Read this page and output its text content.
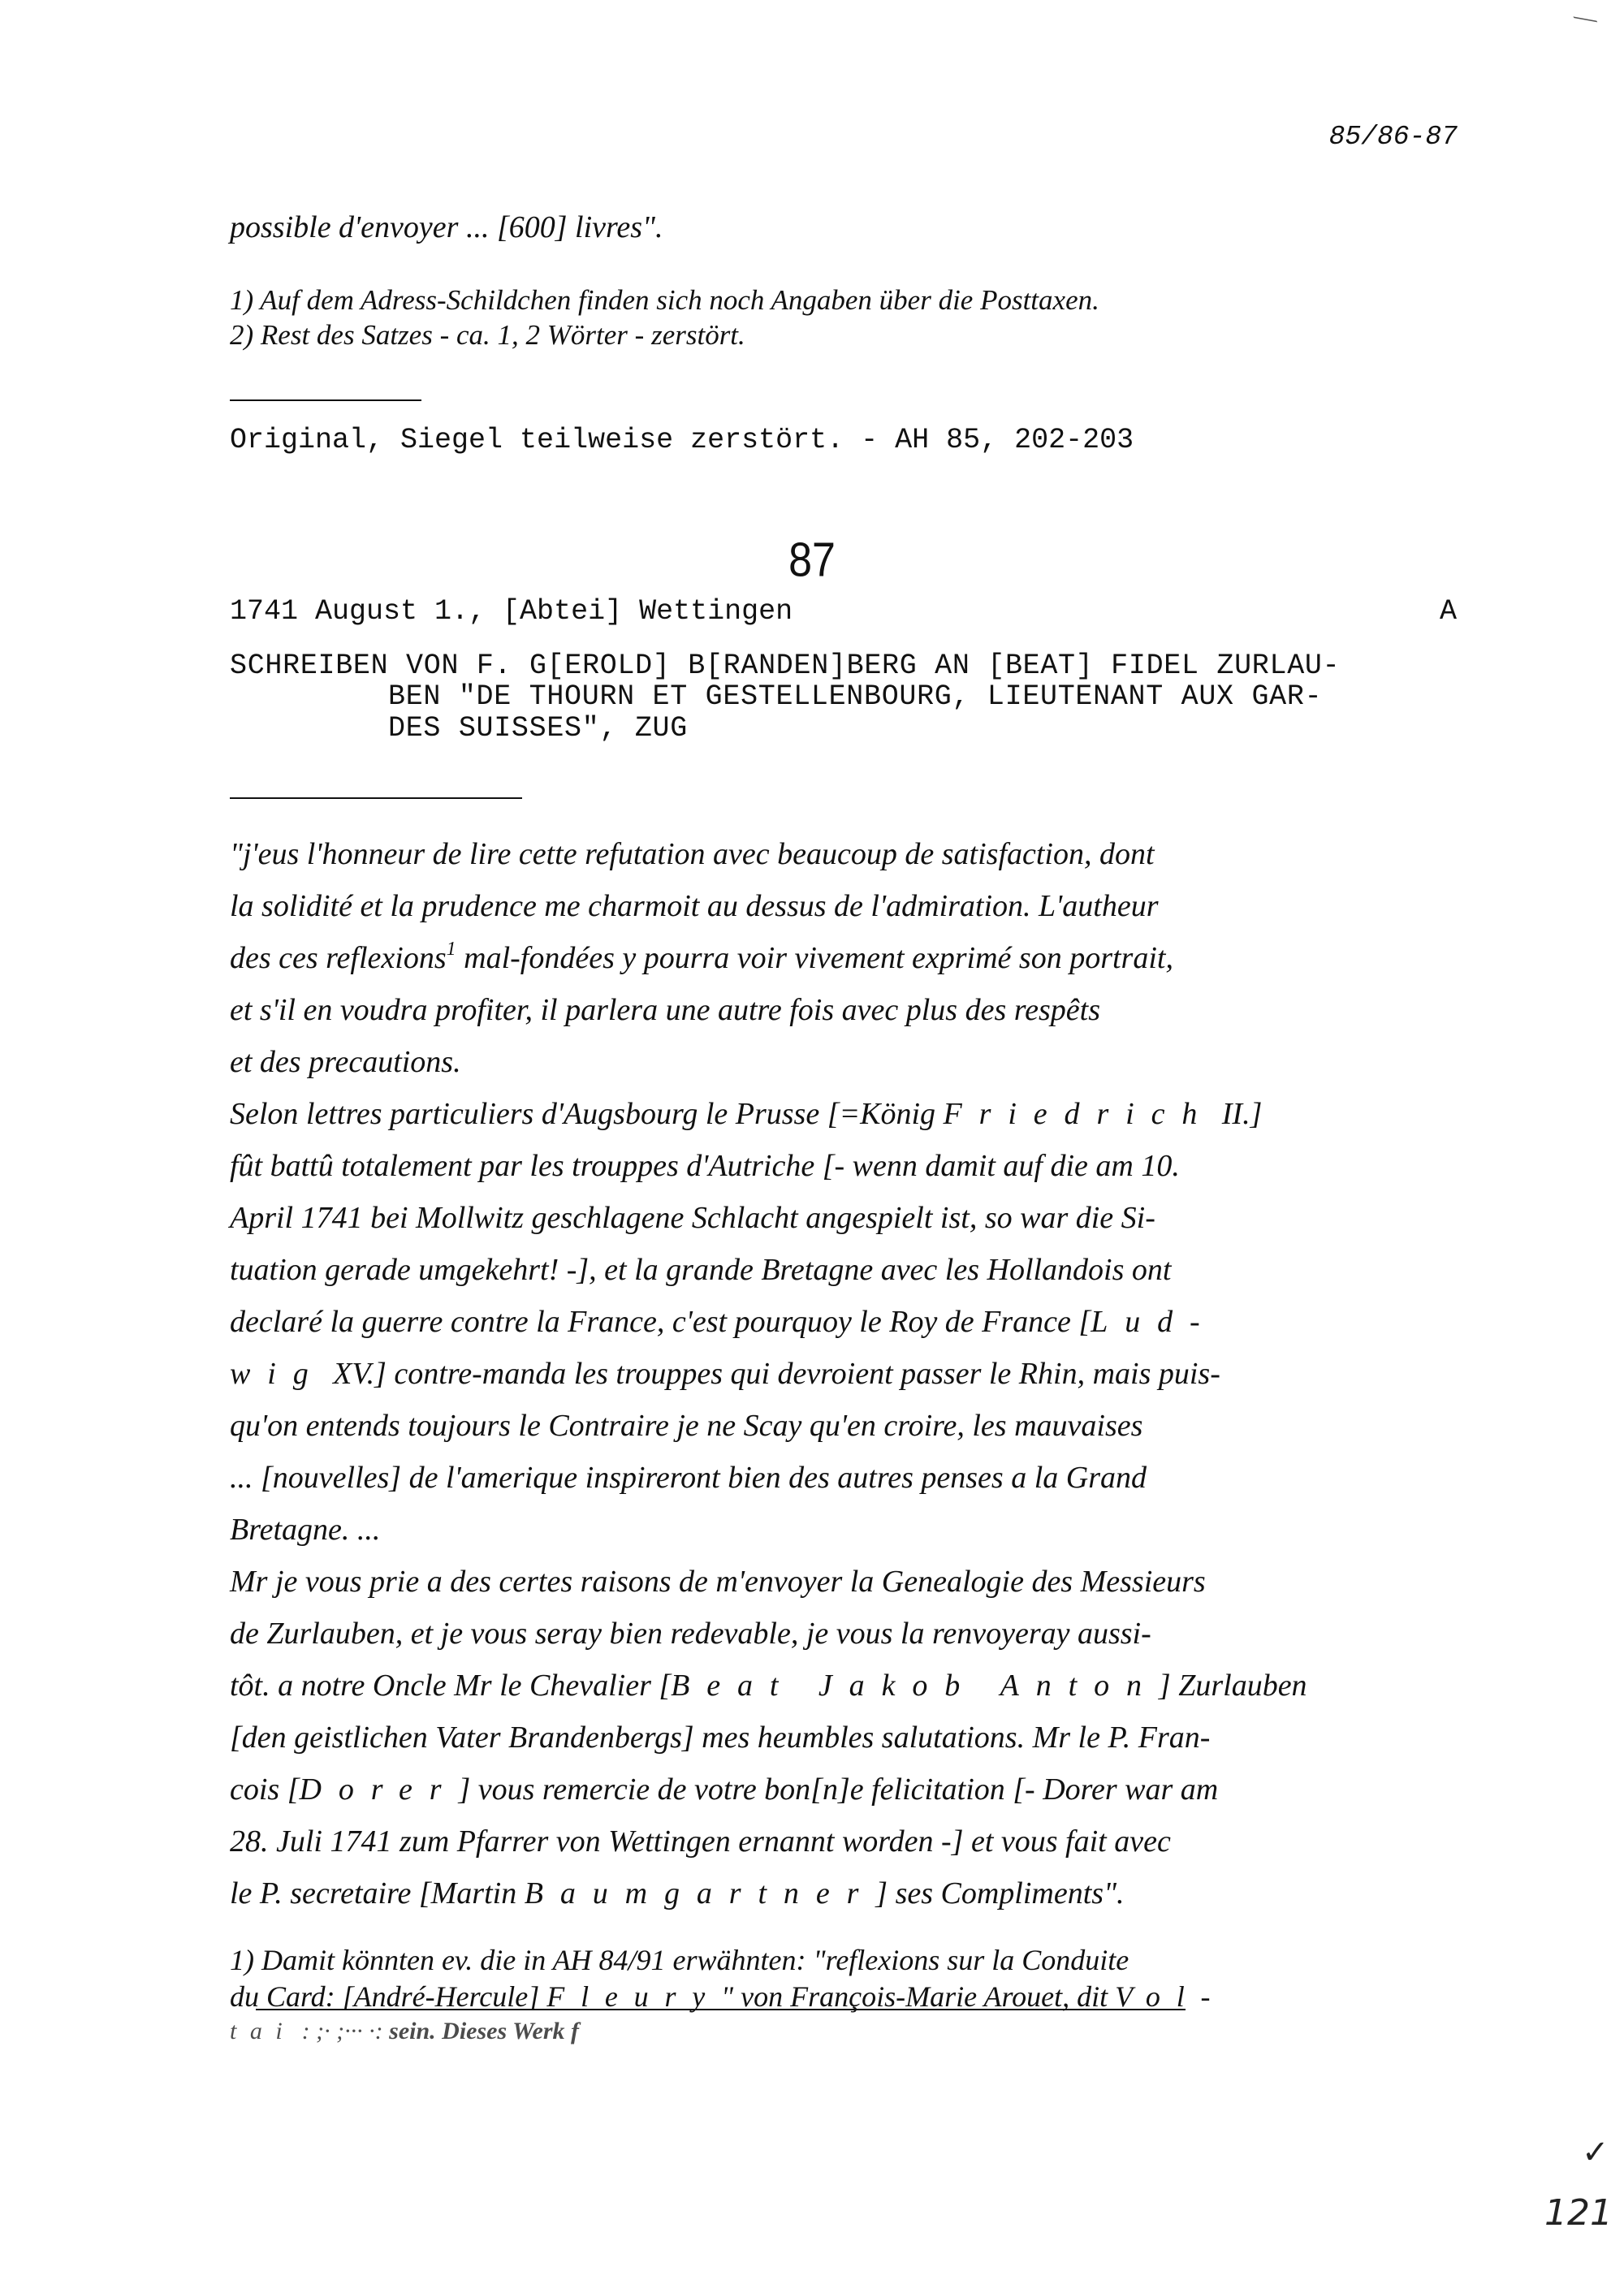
⟋
85/86-87
possible d'envoyer ... [600] livres".
1) Auf dem Adress-Schildchen finden sich noch Angaben über die Posttaxen.
2) Rest des Satzes - ca. 1, 2 Wörter - zerstört.
Original, Siegel teilweise zerstört. - AH 85, 202-203
87
1741 August 1., [Abtei] Wettingen	A
SCHREIBEN VON F. G[EROLD] B[RANDEN]BERG AN [BEAT] FIDEL ZURLAU-
BEN "DE THOURN ET GESTELLENBOURG, LIEUTENANT AUX GAR-
DES SUISSES", ZUG
"j'eus l'honneur de lire cette refutation avec beaucoup de satisfaction, dont
la solidité et la prudence me charmoit au dessus de l'admiration. L'autheur
des ces reflexions$^1$ mal-fondées y pourra voir vivement exprimé son portrait,
et s'il en voudra profiter, il parlera une autre fois avec plus des respêts
et des precautions.
Selon lettres particuliers d'Augsbourg le Prusse [=König Friedrich II.]
fût battû totalement par les trouppes d'Autriche [- wenn damit auf die am 10.
April 1741 bei Mollwitz geschlagene Schlacht angespielt ist, so war die Si-
tuation gerade umgekehrt! -], et la grande Bretagne avec les Hollandois ont
declaré la guerre contre la France, c'est pourquoy le Roy de France [Lud-
wig XV.] contre-manda les trouppes qui devroient passer le Rhin, mais puis-
qu'on entends toujours le Contraire je ne Scay qu'en croire, les mauvaises
... [nouvelles] de l'amerique inspireront bien des autres penses a la Grand
Bretagne. ...
Mr je vous prie a des certes raisons de m'envoyer la Genealogie des Messieurs
de Zurlauben, et je vous seray bien redevable, je vous la renvoyeray aussi-
tôt. a notre Oncle Mr le Chevalier [Beat Jakob Anton] Zurlauben
[den geistlichen Vater Brandenbergs] mes heumbles salutations. Mr le P. Fran-
cois [Dorer] vous remercie de votre bon[n]e felicitation [- Dorer war am
28. Juli 1741 zum Pfarrer von Wettingen ernannt worden -] et vous fait avec
le P. secretaire [Martin Baumgartner] ses Compliments".
1) Damit könnten ev. die in AH 84/91 erwähnten: "reflexions sur la Conduite
du Card: [André-Hercule] Fleury" von François-Marie Arouet, dit Vol-
tai : ;· ;··· ·: sein. Dieses Werk f
✓
121
